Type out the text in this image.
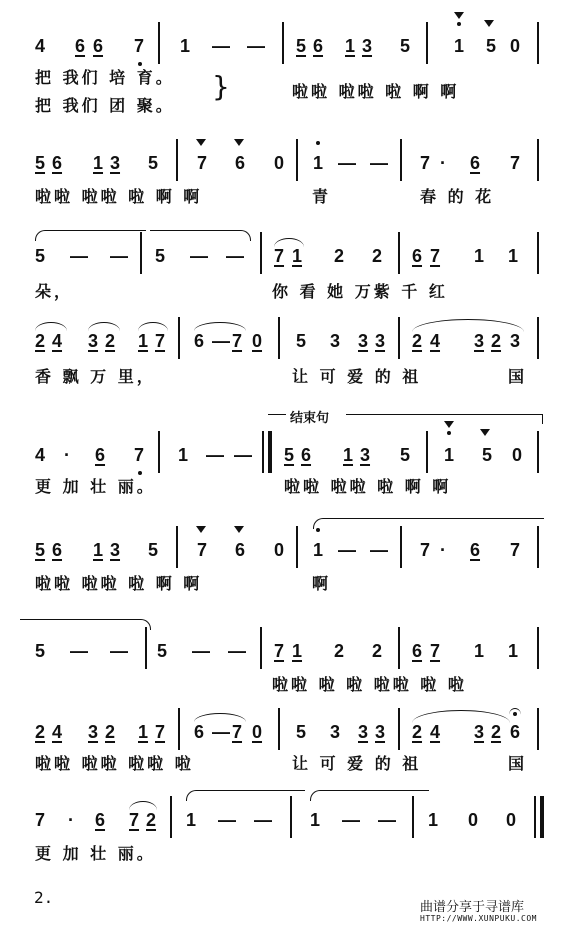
4 6 6 7 1 — — 5 6 1 3 5 1 5 0
把 我们 培 育。
把 我们 团 聚。
}	啦啦 啦啦 啦 啊 啊
5 6 1 3 5 7 6 0 1 — — 7 · 6 7
啦啦 啦啦 啦 啊 啊	青	春 的 花
5 — — 5 — — 7 1 2 2 6 7 1 1
朵，	你 看 她 万紫 千 红
2 4 3 2 1 7 6 — 7 0 5 3 3 3 2 4 3 2 3
香 飘 万 里，	让 可 爱 的 祖	国
结束句
4 · 6 7 1 — — 5 6 1 3 5 1 5 0
更 加 壮 丽。	啦啦 啦啦 啦 啊 啊
5 6 1 3 5 7 6 0 1 — — 7 · 6 7
啦啦 啦啦 啦 啊 啊	啊
5 — — 5 — — 7 1 2 2 6 7 1 1
啦啦 啦 啦 啦啦 啦 啦
2 4 3 2 1 7 6 — 7 0 5 3 3 3 2 4 3 2 6
啦啦 啦啦 啦啦 啦	让 可 爱 的 祖	国
7 · 6 7 2 1 — — 1 — — 1 0 0
更 加 壮 丽。
2.
曲谱分享于寻谱库
HTTP://WWW.XUNPUKU.COM
